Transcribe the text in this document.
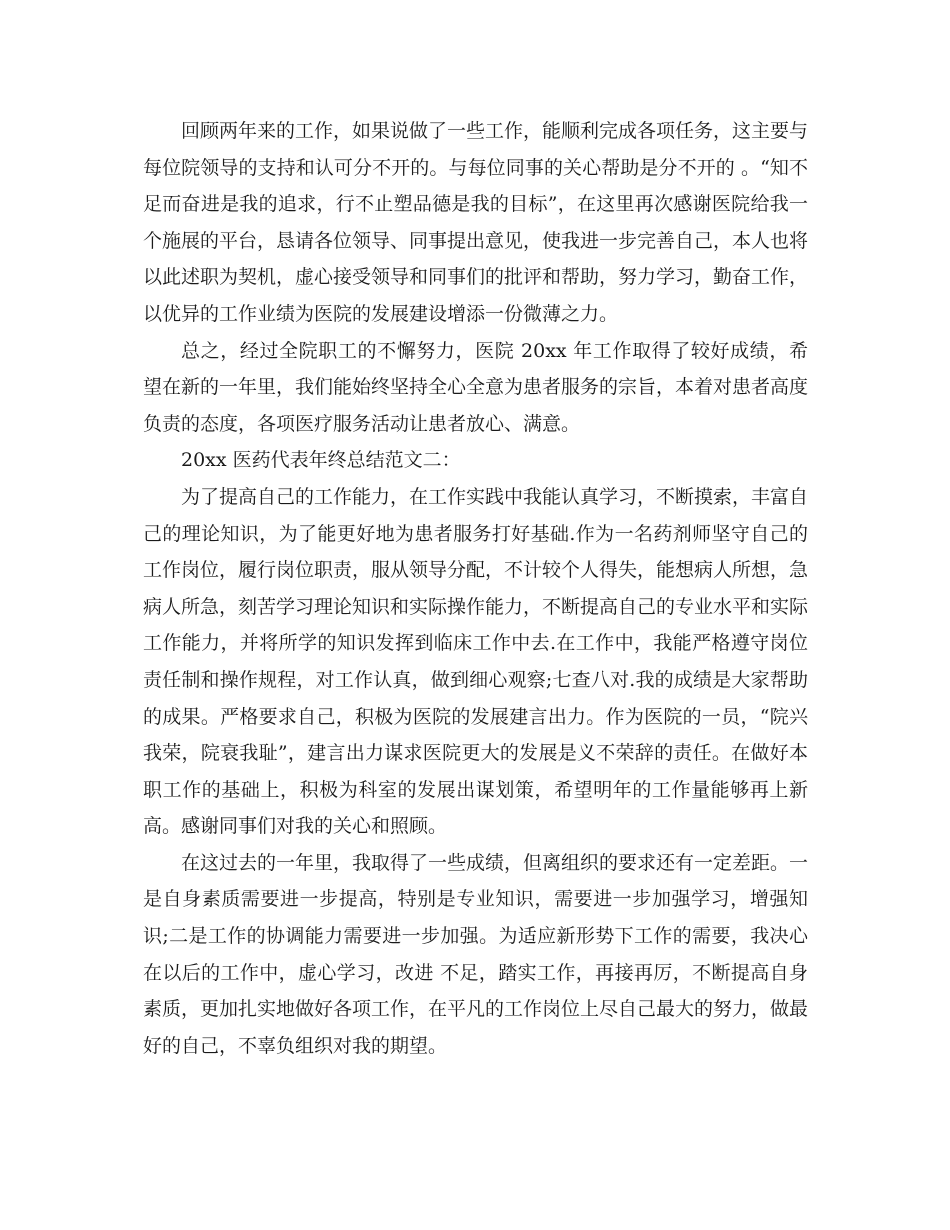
回顾两年来的工作，如果说做了一些工作，能顺利完成各项任务，这主要与每位院领导的支持和认可分不开的。与每位同事的关心帮助是分不开的 。“知不足而奋进是我的追求，行不止塑品德是我的目标”，在这里再次感谢医院给我一个施展的平台，恳请各位领导、同事提出意见，使我进一步完善自己，本人也将以此述职为契机，虚心接受领导和同事们的批评和帮助，努力学习，勤奋工作，以优异的工作业绩为医院的发展建设增添一份微薄之力。

总之，经过全院职工的不懈努力，医院 20xx 年工作取得了较好成绩，希望在新的一年里，我们能始终坚持全心全意为患者服务的宗旨，本着对患者高度负责的态度，各项医疗服务活动让患者放心、满意。

20xx 医药代表年终总结范文二：

为了提高自己的工作能力，在工作实践中我能认真学习，不断摸索，丰富自己的理论知识，为了能更好地为患者服务打好基础.作为一名药剂师坚守自己的工作岗位，履行岗位职责，服从领导分配，不计较个人得失，能想病人所想，急病人所急，刻苦学习理论知识和实际操作能力，不断提高自己的专业水平和实际工作能力，并将所学的知识发挥到临床工作中去.在工作中，我能严格遵守岗位责任制和操作规程，对工作认真，做到细心观察;七查八对.我的成绩是大家帮助的成果。严格要求自己，积极为医院的发展建言出力。作为医院的一员，“院兴我荣，院衰我耻”，建言出力谋求医院更大的发展是义不荣辞的责任。在做好本职工作的基础上，积极为科室的发展出谋划策，希望明年的工作量能够再上新高。感谢同事们对我的关心和照顾。

在这过去的一年里，我取得了一些成绩，但离组织的要求还有一定差距。一是自身素质需要进一步提高，特别是专业知识，需要进一步加强学习，增强知识;二是工作的协调能力需要进一步加强。为适应新形势下工作的需要，我决心在以后的工作中，虚心学习，改进 不足，踏实工作，再接再厉，不断提高自身素质，更加扎实地做好各项工作，在平凡的工作岗位上尽自己最大的努力，做最好的自己，不辜负组织对我的期望。
